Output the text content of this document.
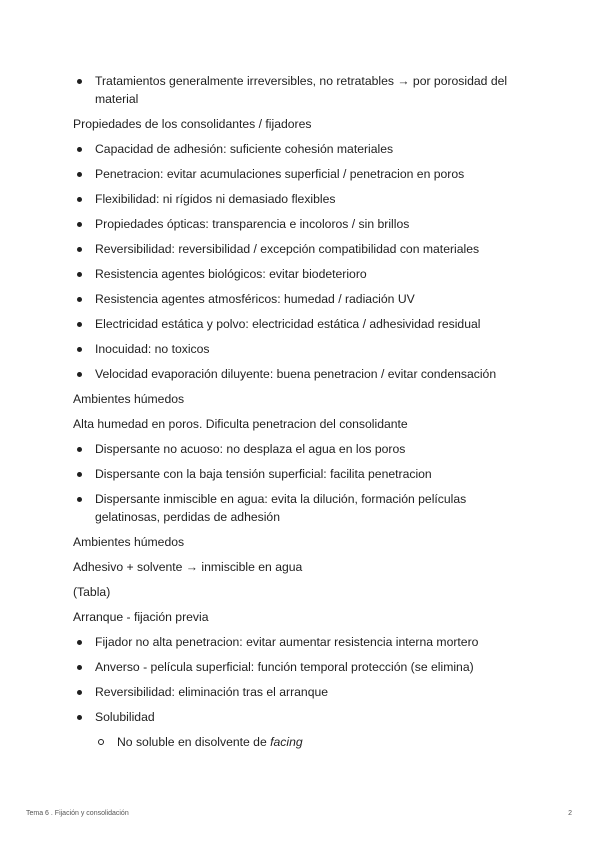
Tratamientos generalmente irreversibles, no retratables → por porosidad del material
Propiedades de los consolidantes / fijadores
Capacidad de adhesión: suficiente cohesión materiales
Penetracion: evitar acumulaciones superficial / penetracion en poros
Flexibilidad: ni rígidos ni demasiado flexibles
Propiedades ópticas: transparencia e incoloros / sin brillos
Reversibilidad: reversibilidad / excepción compatibilidad con materiales
Resistencia agentes biológicos: evitar biodeterioro
Resistencia agentes atmosféricos: humedad / radiación UV
Electricidad estática y polvo: electricidad estática / adhesividad residual
Inocuidad: no toxicos
Velocidad evaporación diluyente: buena penetracion / evitar condensación
Ambientes húmedos
Alta humedad en poros. Dificulta penetracion del consolidante
Dispersante no acuoso: no desplaza el agua en los poros
Dispersante con la baja tensión superficial: facilita penetracion
Dispersante inmiscible en agua: evita la dilución, formación películas gelatinosas, perdidas de adhesión
Ambientes húmedos
Adhesivo + solvente → inmiscible en agua
(Tabla)
Arranque - fijación previa
Fijador no alta penetracion: evitar aumentar resistencia interna mortero
Anverso - película superficial: función temporal protección (se elimina)
Reversibilidad: eliminación tras el arranque
Solubilidad
No soluble en disolvente de facing
Tema 6 . Fijación y consolidación	2
